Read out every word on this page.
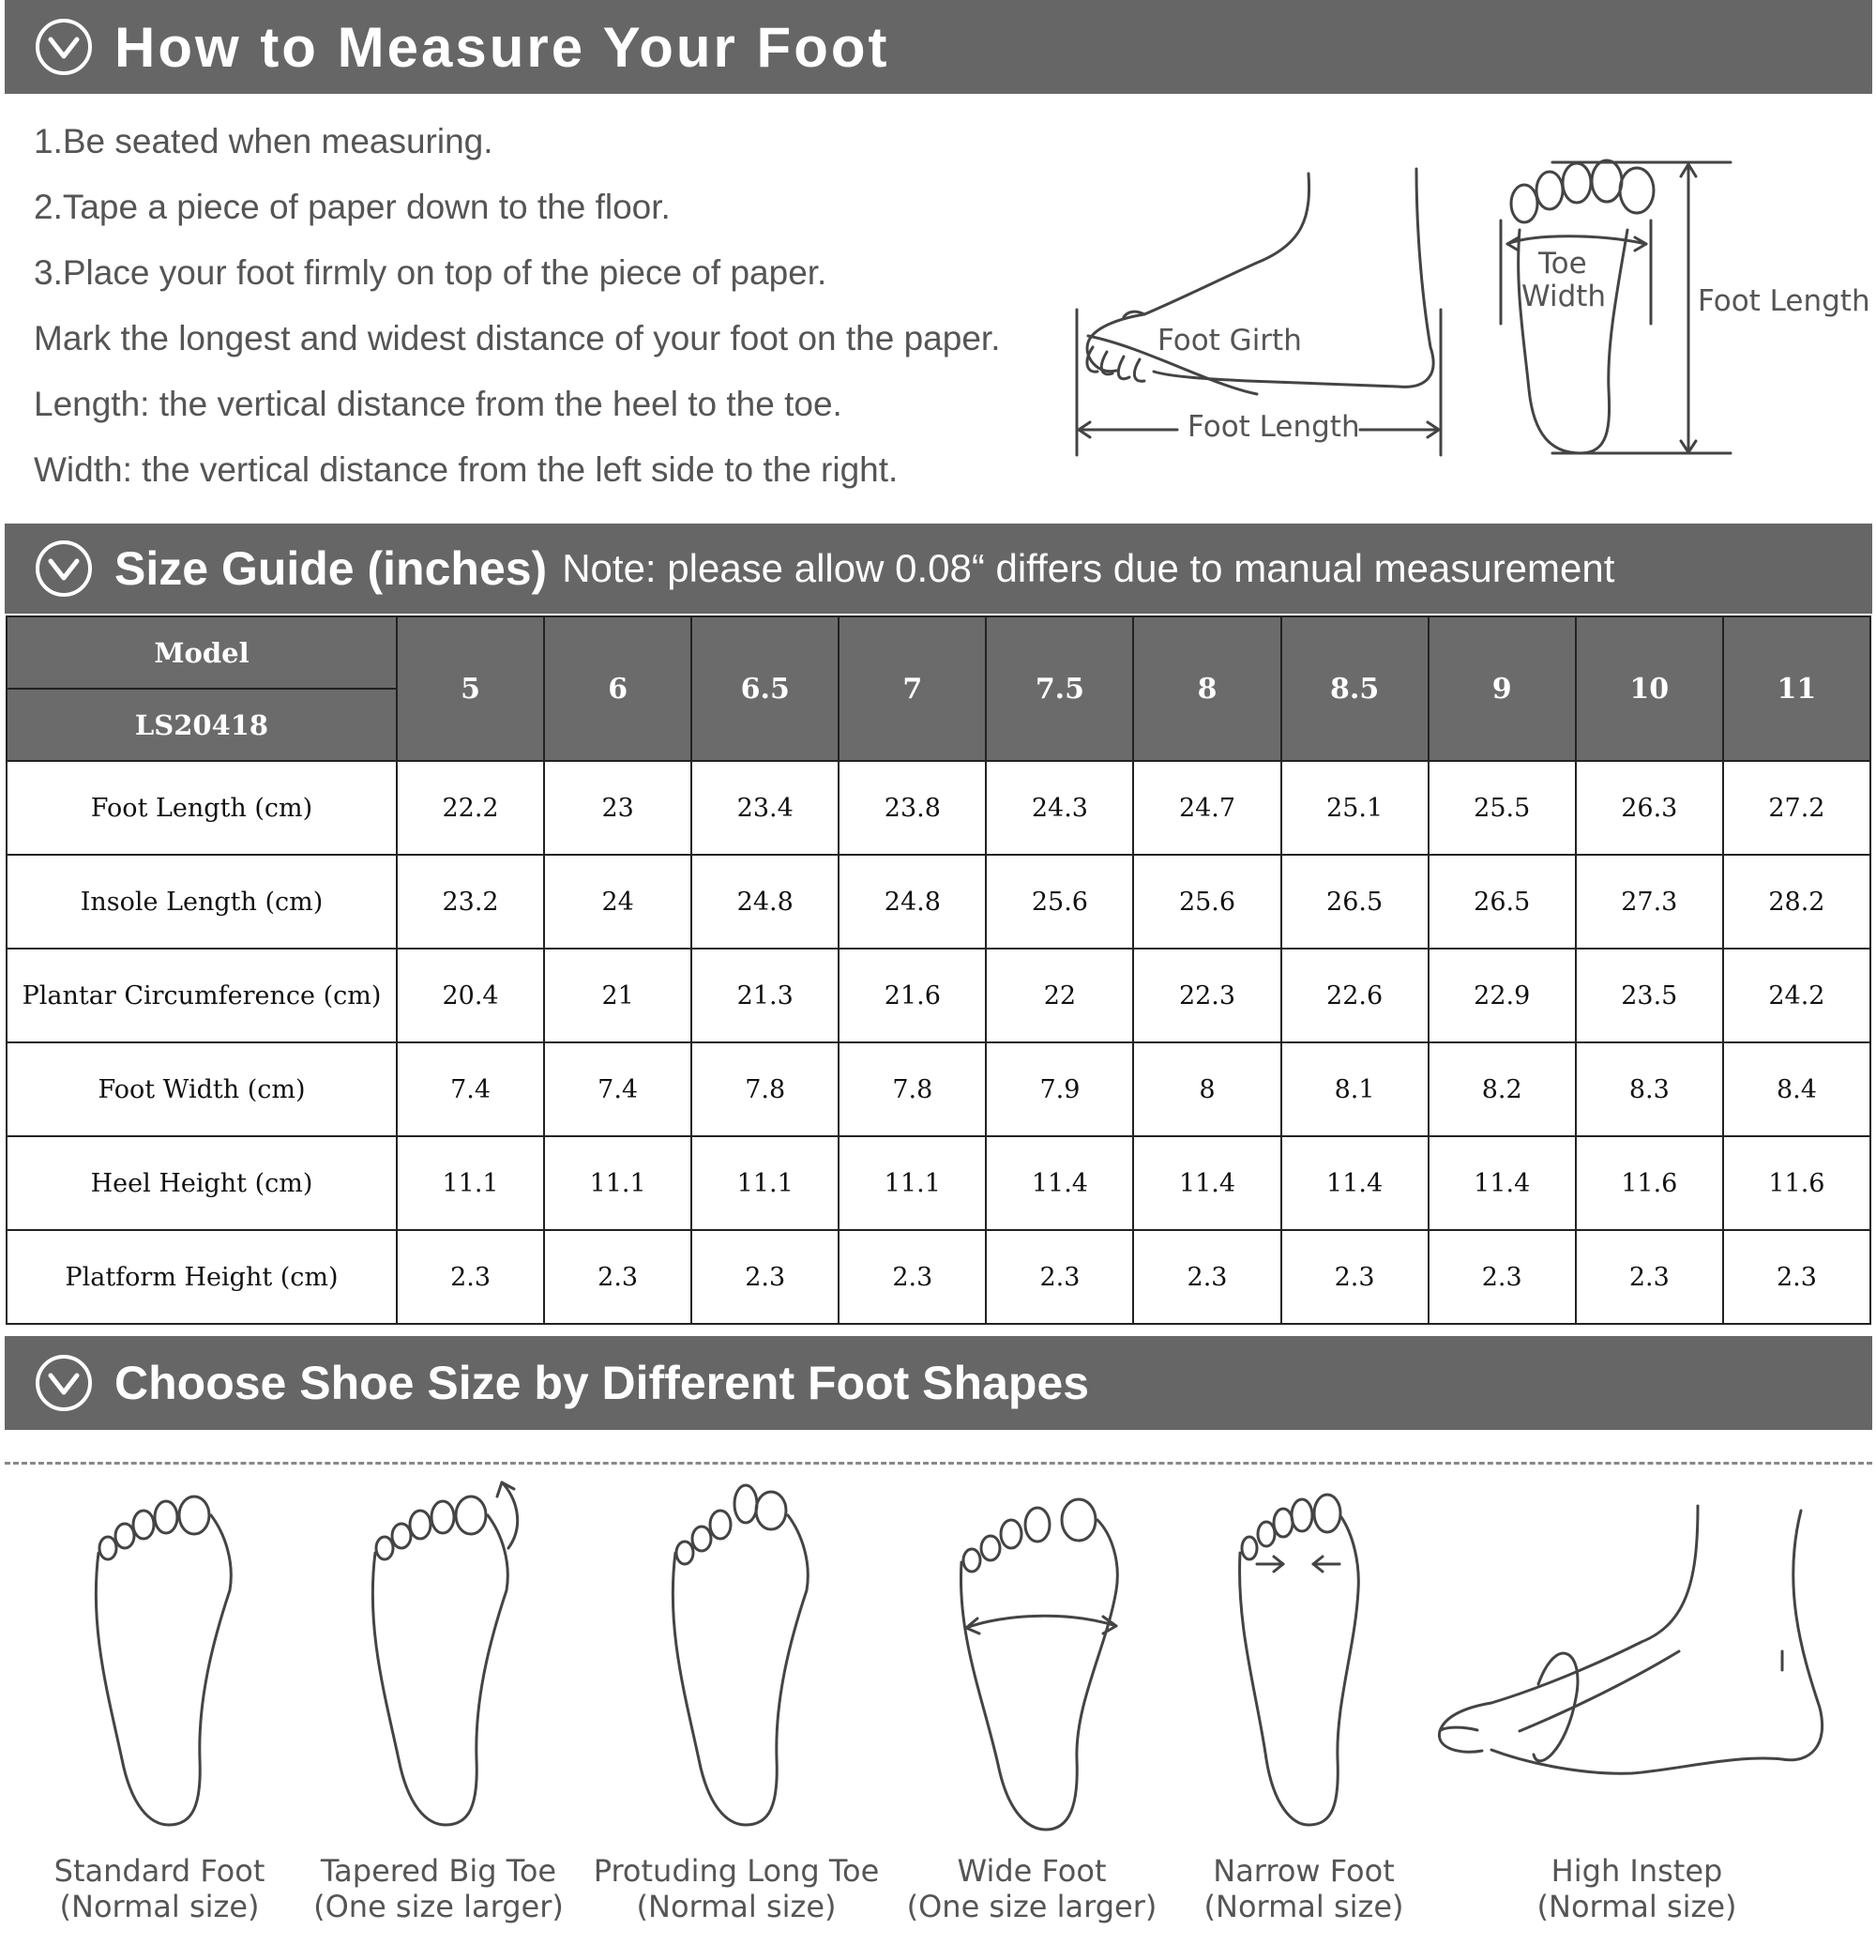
How to Measure Your Foot
1.Be seated when measuring.
2.Tape a piece of paper down to the floor.
3.Place your foot firmly on top of the piece of paper.
Mark the longest and widest distance of your foot on the paper.
Length: the vertical distance from the heel to the toe.
Width: the vertical distance from the left side to the right.
Foot Girth
Foot Length
Toe
Width	Foot Length
Size Guide (inches) Note: please allow 0.08“ differs due to manual measurement
Model	5	6	6.5	7	7.5	8	8.5	9	10	11
LS20418										
Foot Length (cm)	22.2	23	23.4	23.8	24.3	24.7	25.1	25.5	26.3	27.2
Insole Length (cm)	23.2	24	24.8	24.8	25.6	25.6	26.5	26.5	27.3	28.2
Plantar Circumference (cm)	20.4	21	21.3	21.6	22	22.3	22.6	22.9	23.5	24.2
Foot Width (cm)	7.4	7.4	7.8	7.8	7.9	8	8.1	8.2	8.3	8.4
Heel Height (cm)	11.1	11.1	11.1	11.1	11.4	11.4	11.4	11.4	11.6	11.6
Platform Height (cm)	2.3	2.3	2.3	2.3	2.3	2.3	2.3	2.3	2.3	2.3
Choose Shoe Size by Different Foot Shapes
Standard Foot
(Normal size)
Tapered Big Toe
(One size larger)
Protuding Long Toe
(Normal size)
Wide Foot
(One size larger)
Narrow Foot
(Normal size)
High Instep
(Normal size)
